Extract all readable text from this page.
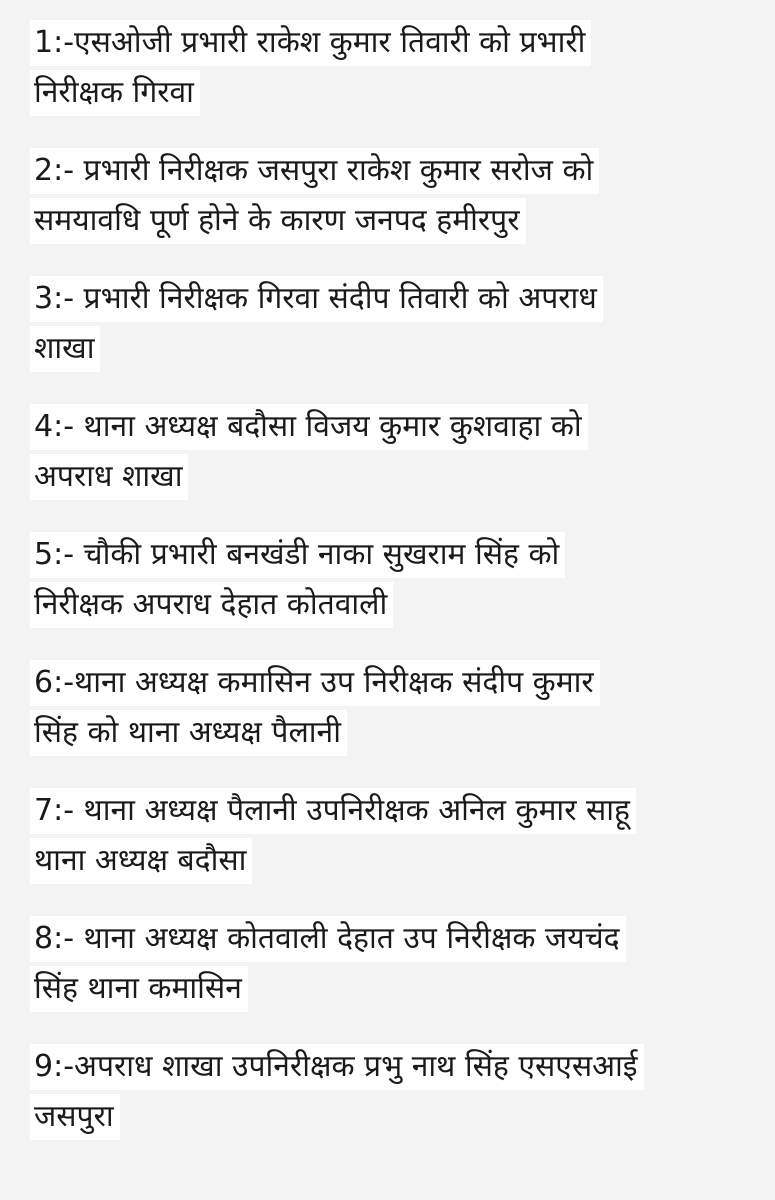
1:-एसओजी प्रभारी राकेश कुमार तिवारी को प्रभारी
निरीक्षक गिरवा
2:- प्रभारी निरीक्षक जसपुरा राकेश कुमार सरोज को
समयावधि पूर्ण होने के कारण जनपद हमीरपुर
3:- प्रभारी निरीक्षक गिरवा संदीप तिवारी को अपराध
शाखा
4:- थाना अध्यक्ष बदौसा विजय कुमार कुशवाहा को
अपराध शाखा
5:- चौकी प्रभारी बनखंडी नाका सुखराम सिंह को
निरीक्षक अपराध देहात कोतवाली
6:-थाना अध्यक्ष कमासिन उप निरीक्षक संदीप कुमार
सिंह को थाना अध्यक्ष पैलानी
7:- थाना अध्यक्ष पैलानी उपनिरीक्षक अनिल कुमार साहू
थाना अध्यक्ष बदौसा
8:- थाना अध्यक्ष कोतवाली देहात उप निरीक्षक जयचंद
सिंह थाना कमासिन
9:-अपराध शाखा उपनिरीक्षक प्रभु नाथ सिंह एसएसआई
जसपुरा
